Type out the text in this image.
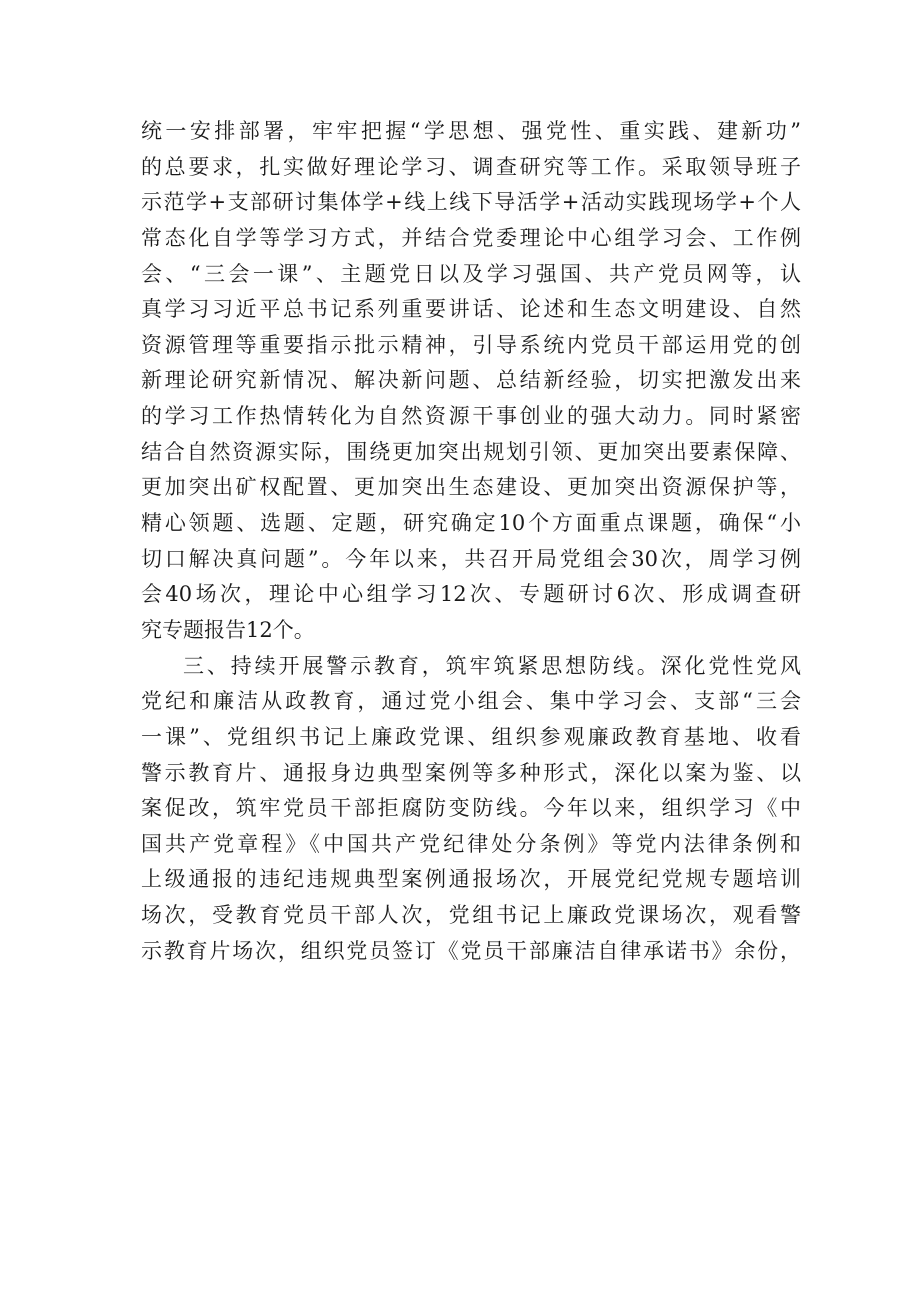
统一安排部署，牢牢把握“学思想、强党性、重实践、建新功”
的总要求，扎实做好理论学习、调查研究等工作。采取领导班子
示范学+支部研讨集体学+线上线下导活学+活动实践现场学+个人
常态化自学等学习方式，并结合党委理论中心组学习会、工作例
会、“三会一课”、主题党日以及学习强国、共产党员网等，认
真学习习近平总书记系列重要讲话、论述和生态文明建设、自然
资源管理等重要指示批示精神，引导系统内党员干部运用党的创
新理论研究新情况、解决新问题、总结新经验，切实把激发出来
的学习工作热情转化为自然资源干事创业的强大动力。同时紧密
结合自然资源实际，围绕更加突出规划引领、更加突出要素保障、
更加突出矿权配置、更加突出生态建设、更加突出资源保护等，
精心领题、选题、定题，研究确定10个方面重点课题，确保“小
切口解决真问题”。今年以来，共召开局党组会30次，周学习例
会40场次，理论中心组学习12次、专题研讨6次、形成调查研
究专题报告12个。
三、持续开展警示教育，筑牢筑紧思想防线。深化党性党风
党纪和廉洁从政教育，通过党小组会、集中学习会、支部“三会
一课”、党组织书记上廉政党课、组织参观廉政教育基地、收看
警示教育片、通报身边典型案例等多种形式，深化以案为鉴、以
案促改，筑牢党员干部拒腐防变防线。今年以来，组织学习《中
国共产党章程》《中国共产党纪律处分条例》等党内法律条例和
上级通报的违纪违规典型案例通报场次，开展党纪党规专题培训
场次，受教育党员干部人次，党组书记上廉政党课场次，观看警
示教育片场次，组织党员签订《党员干部廉洁自律承诺书》余份，
